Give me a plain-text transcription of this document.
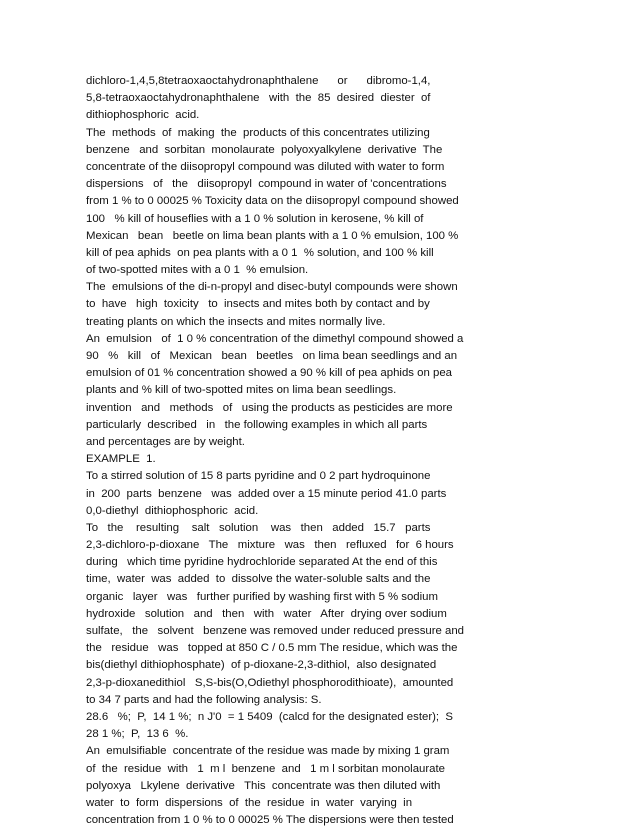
dichloro-1,4,5,8tetraoxaoctahydronaphthalene      or      dibromo-1,4,
5,8-tetraoxaoctahydronaphthalene   with  the  85  desired  diester  of
dithiophosphoric  acid.
The  methods  of  making  the  products of this concentrates utilizing
benzene   and  sorbitan  monolaurate  polyoxyalkylene  derivative  The
concentrate of the diisopropyl compound was diluted with water to form
dispersions   of   the   diisopropyl  compound in water of 'concentrations
from 1 % to 0 00025 % Toxicity data on the diisopropyl compound showed
100   % kill of houseflies with a 1 0 % solution in kerosene, % kill of
Mexican   bean   beetle on lima bean plants with a 1 0 % emulsion, 100 %
kill of pea aphids  on pea plants with a 0 1  % solution, and 100 % kill
of two-spotted mites with a 0 1  % emulsion.
The  emulsions of the di-n-propyl and disec-butyl compounds were shown
to  have   high  toxicity   to  insects and mites both by contact and by
treating plants on which the insects and mites normally live.
An  emulsion   of  1 0 % concentration of the dimethyl compound showed a
90   %   kill   of   Mexican   bean   beetles   on lima bean seedlings and an
emulsion of 01 % concentration showed a 90 % kill of pea aphids on pea
plants and % kill of two-spotted mites on lima bean seedlings.
invention   and   methods   of   using the products as pesticides are more
particularly  described   in   the following examples in which all parts
and percentages are by weight.
EXAMPLE  1.
To a stirred solution of 15 8 parts pyridine and 0 2 part hydroquinone
in  200  parts  benzene   was  added over a 15 minute period 41.0 parts
0,0-diethyl  dithiophosphoric  acid.
To   the    resulting    salt   solution    was   then   added   15.7   parts
2,3-dichloro-p-dioxane   The   mixture   was   then   refluxed   for  6 hours
during   which time pyridine hydrochloride separated At the end of this
time,  water  was  added  to  dissolve the water-soluble salts and the
organic   layer   was   further purified by washing first with 5 % sodium
hydroxide   solution   and   then   with   water   After  drying over sodium
sulfate,   the   solvent   benzene was removed under reduced pressure and
the   residue   was   topped at 850 C / 0.5 mm The residue, which was the
bis(diethyl dithiophosphate)  of p-dioxane-2,3-dithiol,  also designated
2,3-p-dioxanedithiol   S,S-bis(O,Odiethyl phosphorodithioate),  amounted
to 34 7 parts and had the following analysis: S.
28.6   %;  P,  14 1 %;  n J'0  = 1 5409  (calcd for the designated ester);  S
28 1 %;  P,  13 6  %.
An  emulsifiable  concentrate of the residue was made by mixing 1 gram
of  the  residue  with   1  m l  benzene  and   1 m l sorbitan monolaurate
polyoxya   Lkylene  derivative   This  concentrate was then diluted with
water  to  form  dispersions  of  the  residue  in  water  varying  in
concentration from 1 0 % to 0 00025 % The dispersions were then tested
